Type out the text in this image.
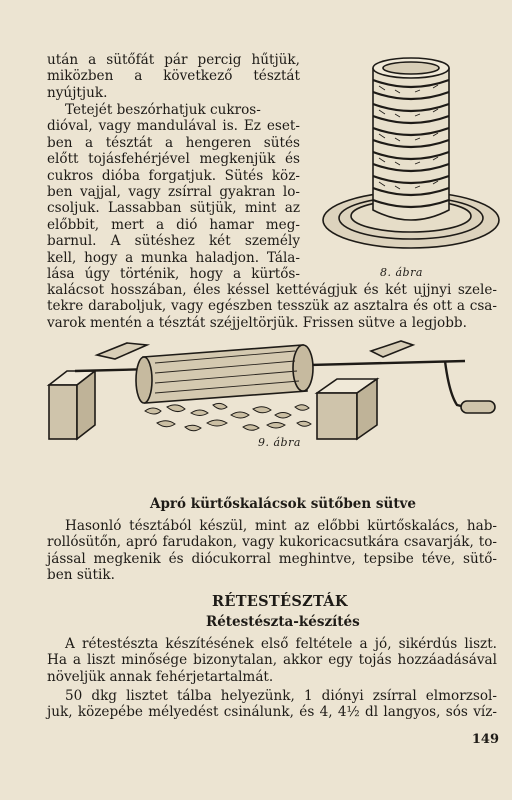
után a sütőfát pár percig hűtjük,
miközben a következő tésztát
nyújtjuk.
Tetejét beszórhatjuk cukros-
dióval, vagy mandulával is. Ez eset-
ben a tésztát a hengeren sütés
előtt tojásfehérjével megkenjük és
cukros dióba forgatjuk. Sütés köz-
ben vajjal, vagy zsírral gyakran lo-
csoljuk. Lassabban sütjük, mint az
előbbit, mert a dió hamar meg-
barnul. A sütéshez két személy
kell, hogy a munka haladjon. Tála-
lása úgy történik, hogy a kürtős-
kalácsot hosszában, éles késsel kettévágjuk és két ujjnyi szele-
tekre daraboljuk, vagy egészben tesszük az asztalra és ott a csa-
varok mentén a tésztát széjjeltörjük. Frissen sütve a legjobb.
8. ábra
9. ábra
Apró kürtőskalácsok sütőben sütve
Hasonló tésztából készül, mint az előbbi kürtőskalács, hab-
rollósütőn, apró farudakon, vagy kukoricacsutkára csavarják, to-
jással megkenik és diócukorral meghintve, tepsibe téve, sütő-
ben sütik.
RÉTESTÉSZTÁK
Rétestészta-készítés
A rétestészta készítésének első feltétele a jó, sikérdús liszt.
Ha a liszt minősége bizonytalan, akkor egy tojás hozzáadásával
növeljük annak fehérjetartalmát.
50 dkg lisztet tálba helyezünk, 1 diónyi zsírral elmorzsol-
juk, közepébe mélyedést csinálunk, és 4, 4½ dl langyos, sós víz-
149
